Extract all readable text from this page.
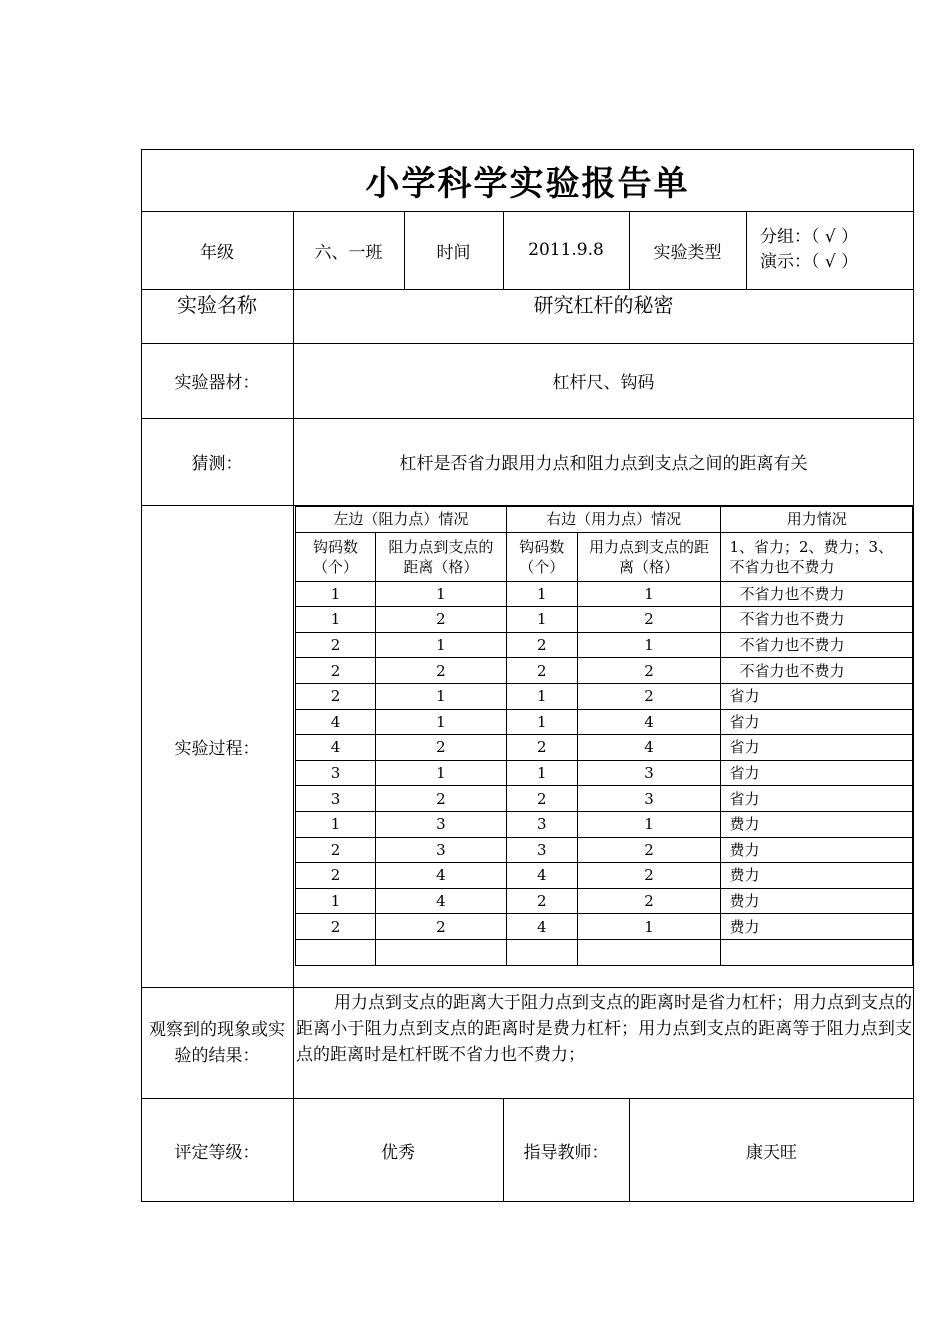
小学科学实验报告单
年级	六、一班	时间	2011.9.8	实验类型
分组：（ √ ）
演示：（ √ ）
实验名称	研究杠杆的秘密
实验器材：	杠杆尺、钩码
猜测：	杠杆是否省力跟用力点和阻力点到支点之间的距离有关
实验过程：
左边（阻力点）情况		右边（用力点）情况		用力情况
钩码数（个）	阻力点到支点的距离（格）	钩码数（个）	用力点到支点的距离（格）	1、省力；2、费力；3、不省力也不费力
1	1	1	1	不省力也不费力
1	2	1	2	不省力也不费力
2	1	2	1	不省力也不费力
2	2	2	2	不省力也不费力
2	1	1	2	省力
4	1	1	4	省力
4	2	2	4	省力
3	1	1	3	省力
3	2	2	3	省力
1	3	3	1	费力
2	3	3	2	费力
2	4	4	2	费力
1	4	2	2	费力
2	2	4	1	费力

观察到的现象或实验的结果：
用力点到支点的距离大于阻力点到支点的距离时是省力杠杆；用力点到支点的距离小于阻力点到支点的距离时是费力杠杆；用力点到支点的距离等于阻力点到支点的距离时是杠杆既不省力也不费力；
评定等级：	优秀	指导教师：	康天旺
